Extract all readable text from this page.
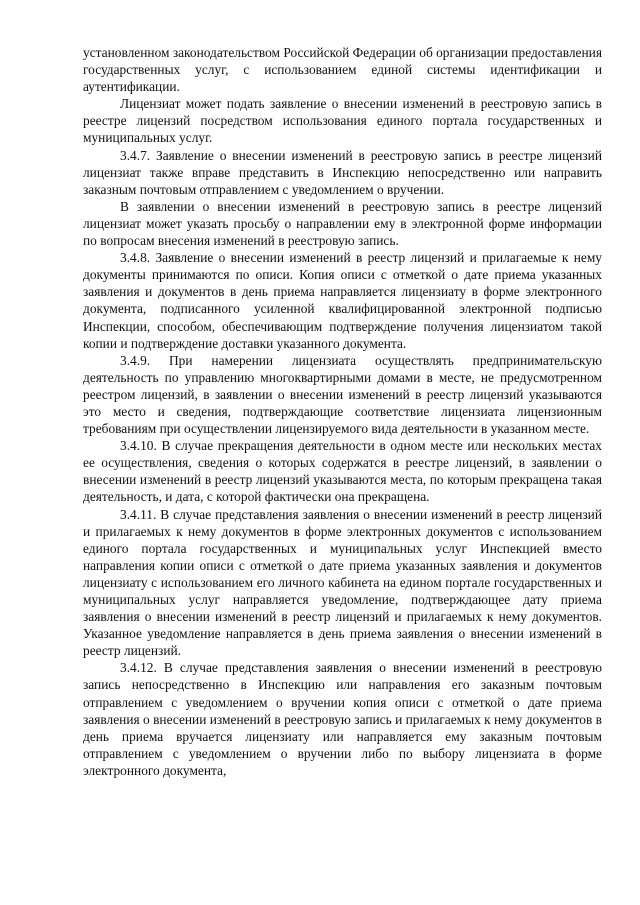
установленном законодательством Российской Федерации об организации предоставления государственных услуг, с использованием единой системы идентификации и аутентификации.

Лицензиат может подать заявление о внесении изменений в реестровую запись в реестре лицензий посредством использования единого портала государственных и муниципальных услуг.

3.4.7. Заявление о внесении изменений в реестровую запись в реестре лицензий лицензиат также вправе представить в Инспекцию непосредственно или направить заказным почтовым отправлением с уведомлением о вручении.

В заявлении о внесении изменений в реестровую запись в реестре лицензий лицензиат может указать просьбу о направлении ему в электронной форме информации по вопросам внесения изменений в реестровую запись.

3.4.8. Заявление о внесении изменений в реестр лицензий и прилагаемые к нему документы принимаются по описи. Копия описи с отметкой о дате приема указанных заявления и документов в день приема направляется лицензиату в форме электронного документа, подписанного усиленной квалифицированной электронной подписью Инспекции, способом, обеспечивающим подтверждение получения лицензиатом такой копии и подтверждение доставки указанного документа.

3.4.9. При намерении лицензиата осуществлять предпринимательскую деятельность по управлению многоквартирными домами в месте, не предусмотренном реестром лицензий, в заявлении о внесении изменений в реестр лицензий указываются это место и сведения, подтверждающие соответствие лицензиата лицензионным требованиям при осуществлении лицензируемого вида деятельности в указанном месте.

3.4.10. В случае прекращения деятельности в одном месте или нескольких местах ее осуществления, сведения о которых содержатся в реестре лицензий, в заявлении о внесении изменений в реестр лицензий указываются места, по которым прекращена такая деятельность, и дата, с которой фактически она прекращена.

3.4.11. В случае представления заявления о внесении изменений в реестр лицензий и прилагаемых к нему документов в форме электронных документов с использованием единого портала государственных и муниципальных услуг Инспекцией вместо направления копии описи с отметкой о дате приема указанных заявления и документов лицензиату с использованием его личного кабинета на едином портале государственных и муниципальных услуг направляется уведомление, подтверждающее дату приема заявления о внесении изменений в реестр лицензий и прилагаемых к нему документов. Указанное уведомление направляется в день приема заявления о внесении изменений в реестр лицензий.

3.4.12. В случае представления заявления о внесении изменений в реестровую запись непосредственно в Инспекцию или направления его заказным почтовым отправлением с уведомлением о вручении копия описи с отметкой о дате приема заявления о внесении изменений в реестровую запись и прилагаемых к нему документов в день приема вручается лицензиату или направляется ему заказным почтовым отправлением с уведомлением о вручении либо по выбору лицензиата в форме электронного документа,
